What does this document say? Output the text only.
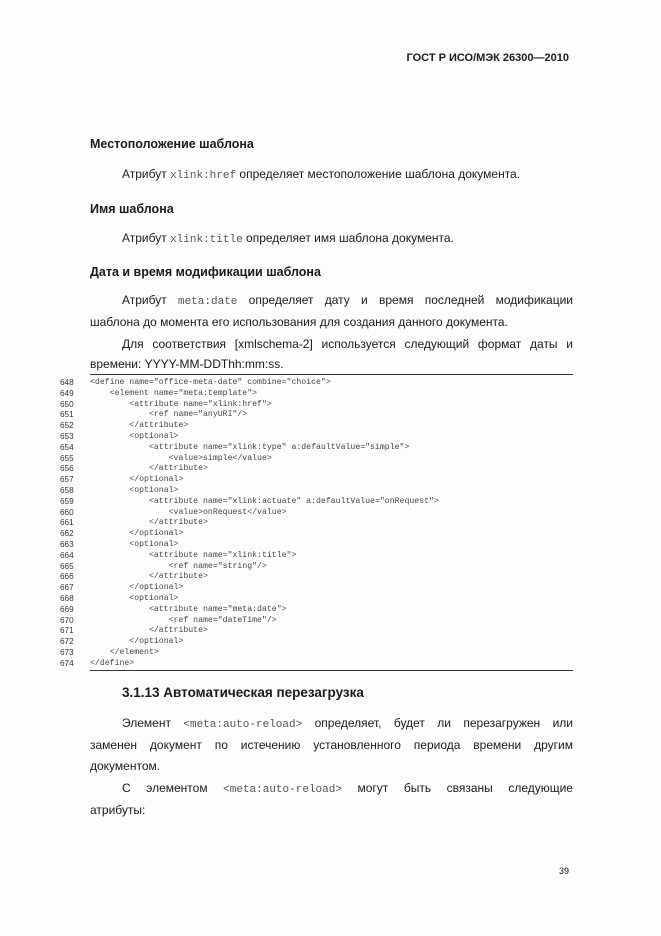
ГОСТ Р ИСО/МЭК 26300—2010
Местоположение шаблона
Атрибут xlink:href определяет местоположение шаблона документа.
Имя шаблона
Атрибут xlink:title определяет имя шаблона документа.
Дата и время модификации шаблона
Атрибут meta:date определяет дату и время последней модификации
шаблона до момента его использования для создания данного документа.
Для соответствия [xmlschema-2] используется следующий формат даты и
времени: YYYY-MM-DDThh:mm:ss.
648	<define name="office-meta-date" combine="choice">
649	<element name="meta:template">
650	<attribute name="xlink:href">
651	<ref name="anyURI"/>
652	</attribute>
653	<optional>
654	<attribute name="xlink:type" a:defaultValue="simple">
655	<value>simple</value>
656	</attribute>
657	</optional>
658	<optional>
659	<attribute name="xlink:actuate" a:defaultValue="onRequest">
660	<value>onRequest</value>
661	</attribute>
662	</optional>
663	<optional>
664	<attribute name="xlink:title">
665	<ref name="string"/>
666	</attribute>
667	</optional>
668	<optional>
669	<attribute name="meta:date">
670	<ref name="dateTime"/>
671	</attribute>
672	</optional>
673	</element>
674	</define>
3.1.13 Автоматическая перезагрузка
Элемент <meta:auto-reload> определяет, будет ли перезагружен или
заменен документ по истечению установленного периода времени другим
документом.
С элементом <meta:auto-reload> могут быть связаны следующие
атрибуты:
39
